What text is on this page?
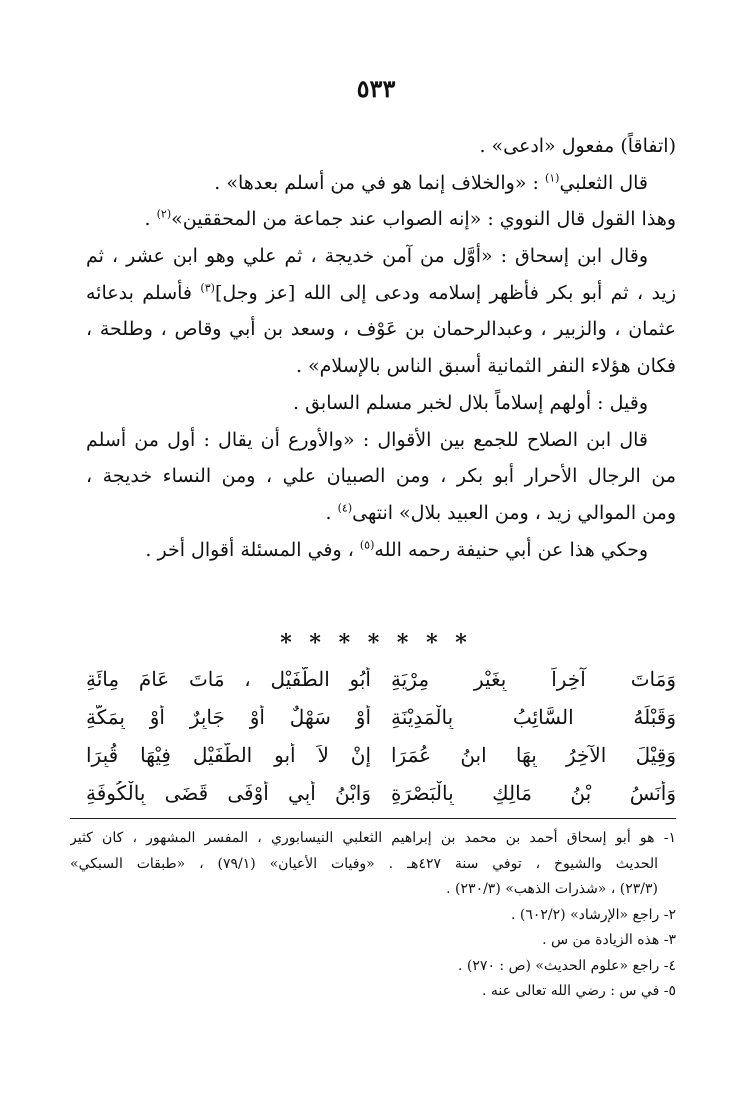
٥٣٣
(اتفاقاً) مفعول «ادعى» .
قال الثعلبي$^{(١)}$ : «والخلاف إنما هو في من أسلم بعدها» .
وهذا القول قال النووي : «إنه الصواب عند جماعة من المحققين»$^{(٢)}$ .
وقال ابن إسحاق : «أوَّل من آمن خديجة ، ثم علي وهو ابن عشر ، ثم
زيد ، ثم أبو بكر فأظهر إسلامه ودعى إلى الله [عز وجل]$^{(٣)}$ فأسلم بدعائه
عثمان ، والزبير ، وعبدالرحمان بن عَوْف ، وسعد بن أبي وقاص ، وطلحة ،
فكان هؤلاء النفر الثمانية أسبق الناس بالإسلام» .
وقيل : أولهم إسلاماً بلال لخبر مسلم السابق .
قال ابن الصلاح للجمع بين الأقوال : «والأورع أن يقال : أول من أسلم
من الرجال الأحرار أبو بكر ، ومن الصبيان علي ، ومن النساء خديجة ،
ومن الموالي زيد ، ومن العبيد بلال» انتهى$^{(٤)}$ .
وحكي هذا عن أبي حنيفة رحمه الله$^{(٥)}$ ، وفي المسئلة أقوال أخر .
* * * * * * *
وَمَاتَ آخِراً بِغَيْرِ مِرْيَةِ
أَبُو الطُّفَيْلِ ، مَاتَ عَامَ مِائَةِ
وَقَبْلَهُ السَّائِبُ بِالْمَدِيْنَةِ
أَوْ سَهْلٌ أَوْ جَابِرٌ أَوْ بِمَكَّةِ
وَقِيْلَ الآخِرُ بِهَا ابنُ عُمَرَا
إنْ لاَ أبو الطُّفَيْلِ فِيْهَا قُبِرَا
وَأَنَسُ بْنُ مَالِكٍ بِالْبَصْرَةِ
وَابْنُ أَبِي أَوْفَى قَضَى بِالْكُوفَةِ
١- هو أبو إسحاق أحمد بن محمد بن إبراهيم الثعلبي النيسابوري ، المفسر المشهور ، كان كثير
الحديث والشيوخ ، توفي سنة ٤٢٧هـ . «وفيات الأعيان» (٧٩/١) ، «طبقات السبكي»
(٢٣/٣) ، «شذرات الذهب» (٢٣٠/٣) .
٢- راجع «الإرشاد» (٦٠٢/٢) .
٣- هذه الزيادة من س .
٤- راجع «علوم الحديث» (ص : ٢٧٠) .
٥- في س : رضي الله تعالى عنه .
